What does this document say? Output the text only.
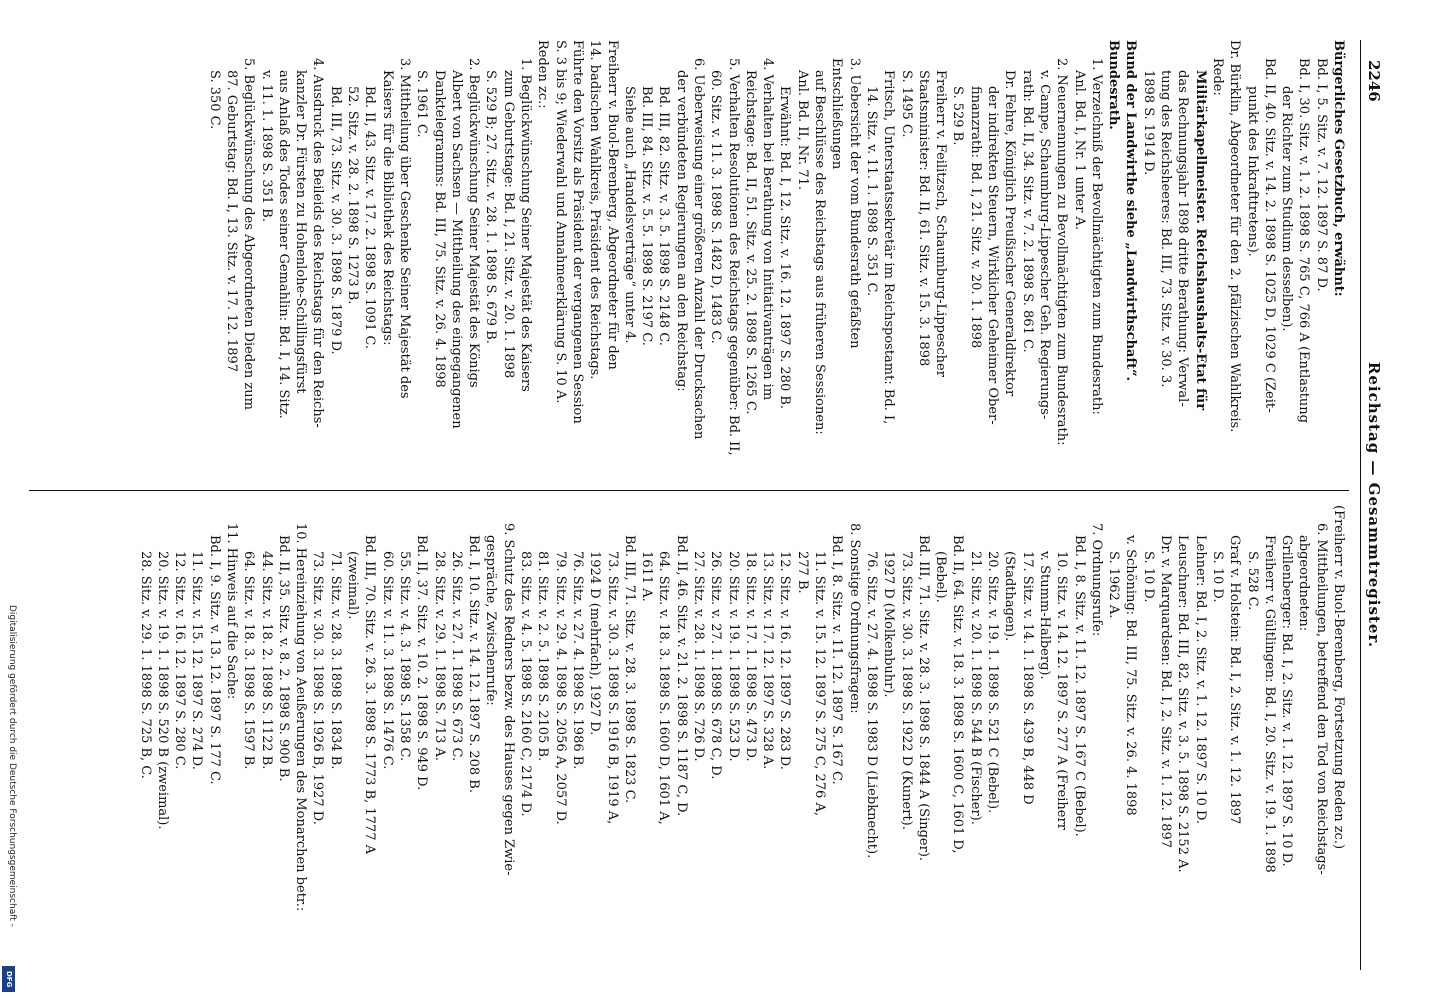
2246
Reichstag — Gesammtregister.

Bürgerliches Gesetzbuch, erwähnt:

Bd. I, 5. Sitz. v. 7. 12. 1897 S. 87 D.

Bd. I, 30. Sitz. v. 1. 2. 1898 S. 765 C, 766 A (Entlastung

der Richter zum Studium desselben).

Bd. II, 40. Sitz. v. 14. 2. 1898 S. 1025 D, 1029 C (Zeit-

punkt des Inkrafttretens).

Dr. Bürklin, Abgeordneter für den 2. pfälzischen Wahlkreis.

Rede:

Militärkapellmeister. Reichshaushalts-Etat für

das Rechnungsjahr 1898 dritte Berathung: Verwal-

tung des Reichsheeres: Bd. III, 73. Sitz. v. 30. 3.

1898 S. 1914 D.

Bund der Landwirthe siehe „Landwirthschaft“.

Bundesrath.

1. Verzeichniß der Bevollmächtigten zum Bundesrath:

Anl. Bd. I, Nr. 1 unter A.

2. Neuernennungen zu Bevollmächtigten zum Bundesrath:

v. Campe, Schaumburg-Lippescher Geh. Regierungs-

rath: Bd. II, 34. Sitz. v. 7. 2. 1898 S. 861 C.

Dr. Fehre, Königlich Preußischer Generaldirektor

der indirekten Steuern, Wirklicher Geheimer Ober-

finanzrath: Bd. I, 21. Sitz. v. 20. 1. 1898

S. 529 B.

Freiherr v. Feilitzsch, Schaumburg-Lippescher

Staatsminister: Bd. II, 61. Sitz. v. 15. 3. 1898

S. 1495 C.

Fritsch, Unterstaatssekretär im Reichspostamt: Bd. I,

14. Sitz. v. 11. 1. 1898 S. 351 C.

3. Uebersicht der vom Bundesrath gefaßten Entschließungen

auf Beschlüsse des Reichstags aus früheren Sessionen:

Anl. Bd. II, Nr. 71.

Erwähnt: Bd. I, 12. Sitz. v. 16. 12. 1897 S. 280 B.

4. Verhalten bei Berathung von Initiativanträgen im

Reichstage: Bd. II, 51. Sitz. v. 25. 2. 1898 S. 1265 C.

5. Verhalten Resolutionen des Reichstags gegenüber: Bd. II,

60. Sitz. v. 11. 3. 1898 S. 1482 D, 1483 C.

6. Ueberweisung einer größeren Anzahl der Drucksachen

der verbündeten Regierungen an den Reichstag:

Bd. III, 82. Sitz. v. 3. 5. 1898 S. 2148 C.

Bd. III, 84. Sitz. v. 5. 5. 1898 S. 2197 C.

Siehe auch „Handelsverträge“ unter 4.

Freiherr v. Buol-Berenberg, Abgeordneter für den

14. badischen Wahlkreis, Präsident des Reichstags.

Führte den Vorsitz als Präsident der vergangenen Session

S. 3 bis 9; Wiederwahl und Annahmeerklärung S. 10 A.

Reden zc.:

1. Beglückwünschung Seiner Majestät des Kaisers

zum Geburtstage: Bd. I, 21. Sitz. v. 20. 1. 1898

S. 529 B; 27. Sitz. v. 28. 1. 1898 S. 679 B.

2. Beglückwünschung Seiner Majestät des Königs

Albert von Sachsen — Mittheilung des eingegangenen

Danktelegramms: Bd. III, 75. Sitz. v. 26. 4. 1898

S. 1961 C.

3. Mittheilung über Geschenke Seiner Majestät des

Kaisers für die Bibliothek des Reichstags:

Bd. II, 43. Sitz. v. 17. 2. 1898 S. 1091 C.

52. Sitz. v. 28. 2. 1898 S. 1273 B.

Bd. III, 73. Sitz. v. 30. 3. 1898 S. 1879 D.

4. Ausdruck des Beileids des Reichstags für den Reichs-

kanzler Dr. Fürsten zu Hohenlohe-Schillingsfürst

aus Anlaß des Todes seiner Gemahlin: Bd. I, 14. Sitz.

v. 11. 1. 1898 S. 351 B.

5. Beglückwünschung des Abgeordneten Dieden zum

87. Geburtstag: Bd. I, 13. Sitz. v. 17. 12. 1897

S. 350 C.

(Freiherr v. Buol-Berenberg, Fortsetzung Reden zc.)

6. Mittheilungen, betreffend den Tod von Reichstags-

abgeordneten:

Grillenberger: Bd. I, 2. Sitz. v. 1. 12. 1897 S. 10 D.

Freiherr v. Gültlingen: Bd. I, 20. Sitz. v. 19. 1. 1898

S. 528 C.

Graf v. Holstein: Bd. I, 2. Sitz. v. 1. 12. 1897

S. 10 D.

Lehner: Bd. I, 2. Sitz. v. 1. 12. 1897 S. 10 D.

Leuschner: Bd. III, 82. Sitz. v. 3. 5. 1898 S. 2152 A.

Dr. v. Marquardsen: Bd. I, 2. Sitz. v. 1. 12. 1897

S. 10 D.

v. Schöning: Bd. III, 75. Sitz. v. 26. 4. 1898

S. 1962 A.

7. Ordnungsrufe:

Bd. I, 8. Sitz. v. 11. 12. 1897 S. 167 C (Bebel).

10. Sitz. v. 14. 12. 1897 S. 277 A (Freiherr

v. Stumm-Halberg).

17. Sitz. v. 14. 1. 1898 S. 439 B, 448 D

(Stadthagen).

20. Sitz. v. 19. 1. 1898 S. 521 C (Bebel).

21. Sitz. v. 20. 1. 1898 S. 544 B (Fischer).

Bd. II, 64. Sitz. v. 18. 3. 1898 S. 1600 C, 1601 D,

(Bebel).

Bd. III, 71. Sitz. v. 28. 3. 1898 S. 1844 A (Singer).

73. Sitz. v. 30. 3. 1898 S. 1922 D (Kunert).

1927 D (Molkenbuhr).

76. Sitz. v. 27. 4. 1898 S. 1983 D (Liebknecht).

8. Sonstige Ordnungsfragen:

Bd. I, 8. Sitz. v. 11. 12. 1897 S. 167 C.

11. Sitz. v. 15. 12. 1897 S. 275 C, 276 A,

277 B.

12. Sitz. v. 16. 12. 1897 S. 283 D.

13. Sitz. v. 17. 12. 1897 S. 328 A.

18. Sitz. v. 17. 1. 1898 S. 473 D.

20. Sitz. v. 19. 1. 1898 S. 523 D.

26. Sitz. v. 27. 1. 1898 S. 678 C, D.

27. Sitz. v. 28. 1. 1898 S. 726 D.

Bd. II, 46. Sitz. v. 21. 2. 1898 S. 1187 C, D.

64. Sitz. v. 18. 3. 1898 S. 1600 D, 1601 A,

1611 A.

Bd. III, 71. Sitz. v. 28. 3. 1898 S. 1823 C.

73. Sitz. v. 30. 3. 1898 S. 1916 B, 1919 A,

1924 D (mehrfach), 1927 D.

76. Sitz. v. 27. 4. 1898 S. 1986 B.

79. Sitz. v. 29. 4. 1898 S. 2056 A, 2057 D.

81. Sitz. v. 2. 5. 1898 S. 2105 B.

83. Sitz. v. 4. 5. 1898 S. 2160 C, 2174 D.

9. Schutz des Redners bezw. des Hauses gegen Zwie-

gespräche, Zwischenrufe:

Bd. I, 10. Sitz. v. 14. 12. 1897 S. 208 B.

26. Sitz. v. 27. 1. 1898 S. 673 C.

28. Sitz. v. 29. 1. 1898 S. 713 A.

Bd. II, 37. Sitz. v. 10. 2. 1898 S. 949 D.

55. Sitz. v. 4. 3. 1898 S. 1358 C.

60. Sitz. v. 11. 3. 1898 S. 1476 C.

Bd. III, 70. Sitz. v. 26. 3. 1898 S. 1773 B, 1777 A

(zweimal).

71. Sitz. v. 28. 3. 1898 S. 1834 B.

73. Sitz. v. 30. 3. 1898 S. 1926 B, 1927 D.

10. Hereinziehung von Aeußerungen des Monarchen betr.:

Bd. II, 35. Sitz. v. 8. 2. 1898 S. 900 B.

44. Sitz. v. 18. 2. 1898 S. 1122 B.

64. Sitz. v. 18. 3. 1898 S. 1597 B.

11. Hinweis auf die Sache:

Bd. I, 9. Sitz. v. 13. 12. 1897 S. 177 C.

11. Sitz. v. 15. 12. 1897 S. 274 D.

12. Sitz. v. 16. 12. 1897 S. 280 C.

20. Sitz. v. 19. 1. 1898 S. 520 B (zweimal).

28. Sitz. v. 29. 1. 1898 S. 725 B, C.

Digitalisierung gefördert durch die Deutsche Forschungsgemeinschaft -
DFG
